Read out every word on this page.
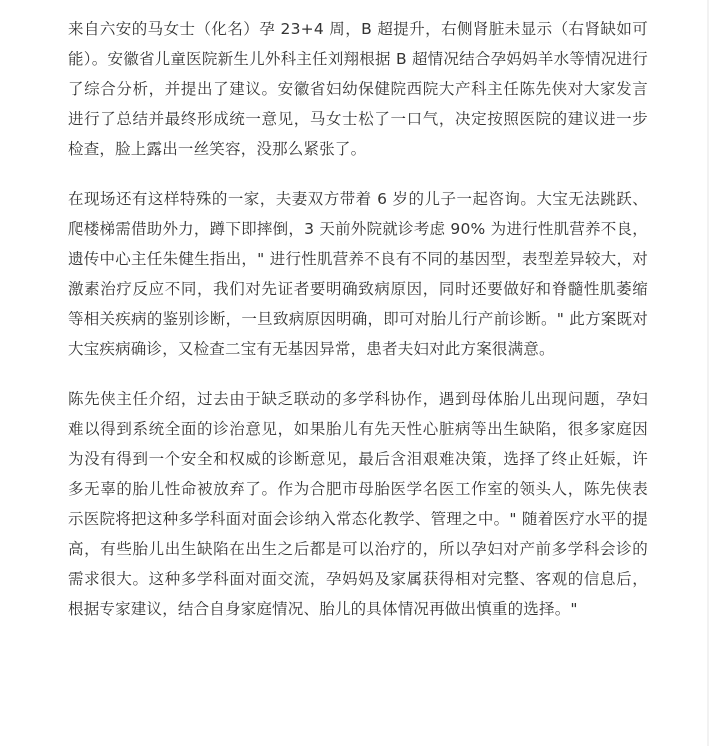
来自六安的马女士（化名）孕 23+4 周，B 超提升，右侧肾脏未显示（右肾缺如可能）。安徽省儿童医院新生儿外科主任刘翔根据 B 超情况结合孕妈妈羊水等情况进行了综合分析，并提出了建议。安徽省妇幼保健院西院大产科主任陈先侠对大家发言进行了总结并最终形成统一意见，马女士松了一口气，决定按照医院的建议进一步检查，脸上露出一丝笑容，没那么紧张了。

在现场还有这样特殊的一家，夫妻双方带着 6 岁的儿子一起咨询。大宝无法跳跃、爬楼梯需借助外力，蹲下即摔倒，3 天前外院就诊考虑 90% 为进行性肌营养不良，遗传中心主任朱健生指出，" 进行性肌营养不良有不同的基因型，表型差异较大，对激素治疗反应不同，我们对先证者要明确致病原因，同时还要做好和脊髓性肌萎缩等相关疾病的鉴别诊断，一旦致病原因明确，即可对胎儿行产前诊断。" 此方案既对大宝疾病确诊，又检查二宝有无基因异常，患者夫妇对此方案很满意。

陈先侠主任介绍，过去由于缺乏联动的多学科协作，遇到母体胎儿出现问题，孕妇难以得到系统全面的诊治意见，如果胎儿有先天性心脏病等出生缺陷，很多家庭因为没有得到一个安全和权威的诊断意见，最后含泪艰难决策，选择了终止妊娠，许多无辜的胎儿性命被放弃了。作为合肥市母胎医学名医工作室的领头人，陈先侠表示医院将把这种多学科面对面会诊纳入常态化教学、管理之中。" 随着医疗水平的提高，有些胎儿出生缺陷在出生之后都是可以治疗的，所以孕妇对产前多学科会诊的需求很大。这种多学科面对面交流，孕妈妈及家属获得相对完整、客观的信息后，根据专家建议，结合自身家庭情况、胎儿的具体情况再做出慎重的选择。"
